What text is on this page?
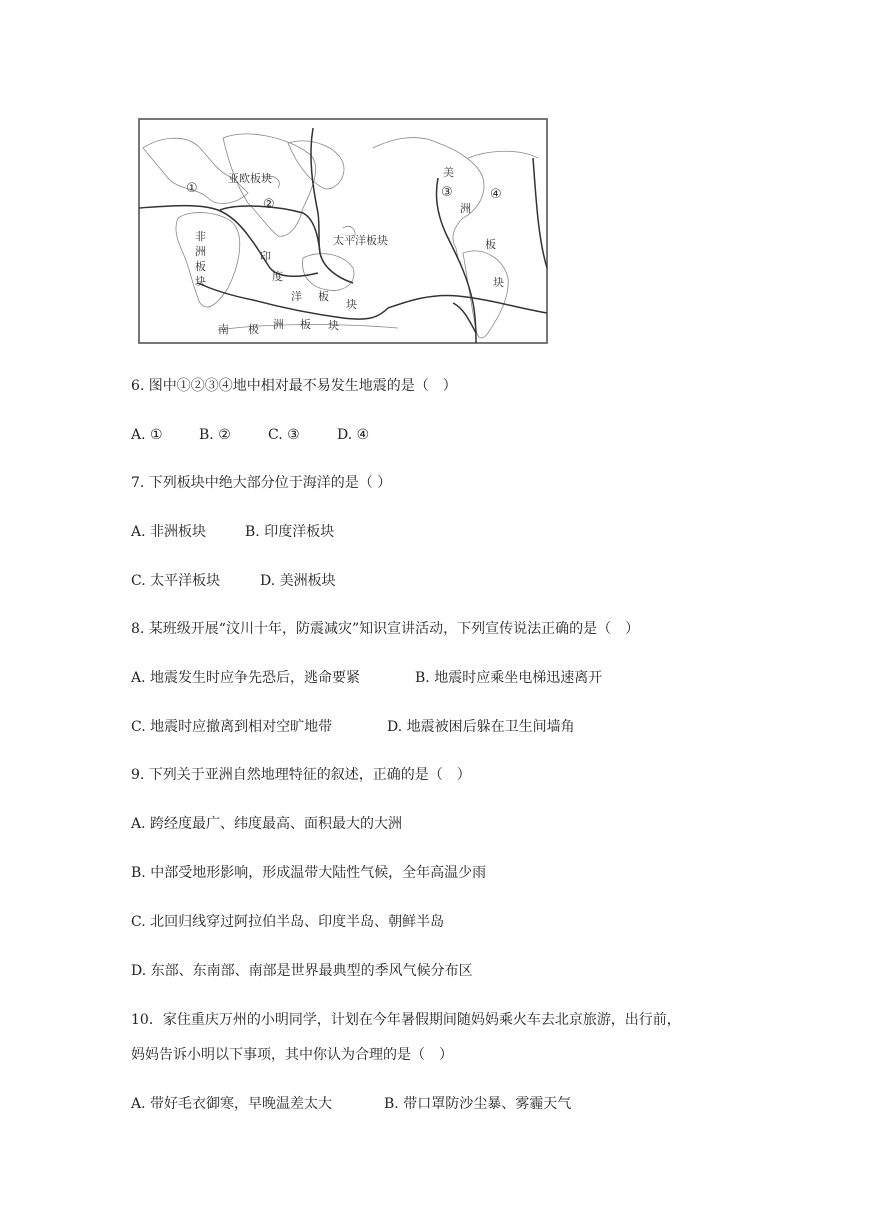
亚欧板块
①
②
③	④
太平洋板块
非
洲
板
块
印
度
洋 板
块
美
洲
板
块
南 极 洲 板 块
6. 图中①②③④地中相对最不易发生地震的是（　）
A. ①	B. ②	C. ③	D. ④
7. 下列板块中绝大部分位于海洋的是（ ）
A. 非洲板块	B. 印度洋板块
C. 太平洋板块	D. 美洲板块
8. 某班级开展“汶川十年，防震减灾”知识宣讲活动，下列宣传说法正确的是（　）
A. 地震发生时应争先恐后，逃命要紧	B. 地震时应乘坐电梯迅速离开
C. 地震时应撤离到相对空旷地带	D. 地震被困后躲在卫生间墙角
9. 下列关于亚洲自然地理特征的叙述，正确的是（　）
A. 跨经度最广、纬度最高、面积最大的大洲
B. 中部受地形影响，形成温带大陆性气候，全年高温少雨
C. 北回归线穿过阿拉伯半岛、印度半岛、朝鲜半岛
D. 东部、东南部、南部是世界最典型的季风气候分布区
10．家住重庆万州的小明同学，计划在今年暑假期间随妈妈乘火车去北京旅游，出行前，
妈妈告诉小明以下事项，其中你认为合理的是（　）
A. 带好毛衣御寒，早晚温差太大	B. 带口罩防沙尘暴、雾霾天气
